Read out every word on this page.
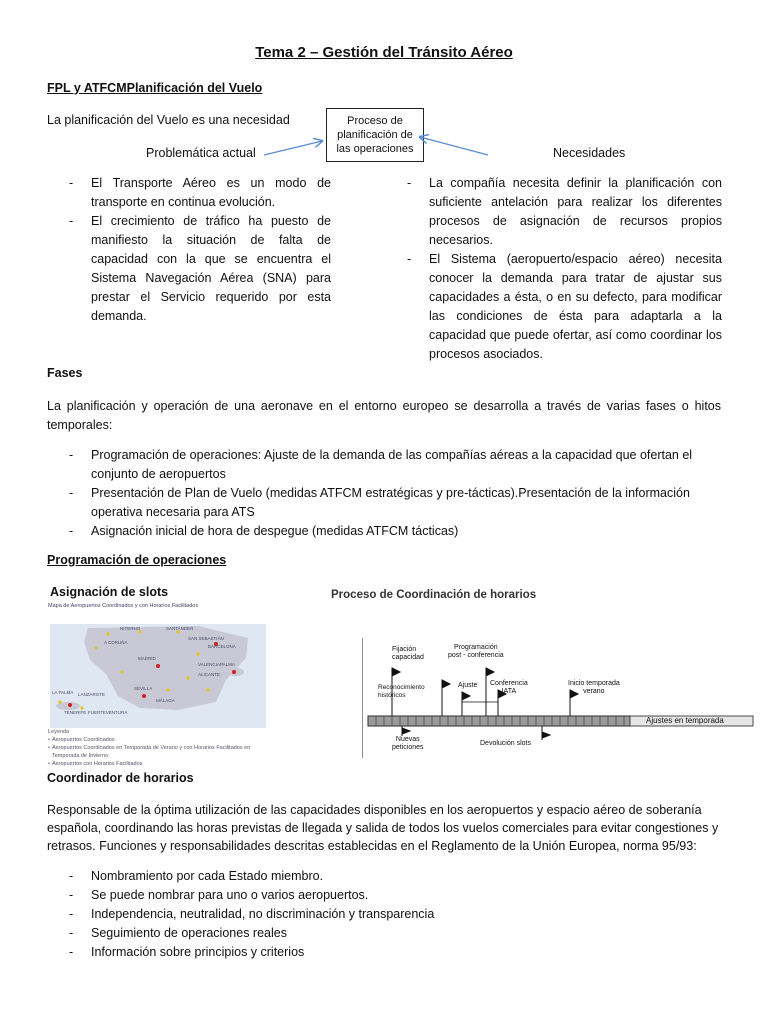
Tema 2 – Gestión del Tránsito Aéreo
FPL y ATFCMPlanificación del Vuelo
La planificación del Vuelo es una necesidad	Proceso de
planificación de
las operaciones
Problemática actual	Necesidades
- El Transporte Aéreo es un modo de transporte en continua evolución.
- El crecimiento de tráfico ha puesto de manifiesto la situación de falta de capacidad con la que se encuentra el Sistema Navegación Aérea (SNA) para prestar el Servicio requerido por esta demanda.
- La compañía necesita definir la planificación con suficiente antelación para realizar los diferentes procesos de asignación de recursos propios necesarios.
- El Sistema (aeropuerto/espacio aéreo) necesita conocer la demanda para tratar de ajustar sus capacidades a ésta, o en su defecto, para modificar las condiciones de ésta para adaptarla a la capacidad que puede ofertar, así como coordinar los procesos asociados.
Fases
La planificación y operación de una aeronave en el entorno europeo se desarrolla a través de varias fases o hitos temporales:
- Programación de operaciones: Ajuste de la demanda de las compañías aéreas a la capacidad que ofertan el conjunto de aeropuertos
- Presentación de Plan de Vuelo (medidas ATFCM estratégicas y pre-tácticas).Presentación de la información operativa necesaria para ATS
- Asignación inicial de hora de despegue (medidas ATFCM tácticas)
Programación de operaciones
Asignación de slots
Mapa de Aeropuertos Coordinados y con Horarios Facilitados
NITERNO	SANTANDER
SAN SEBASTIÁN
A CORUÑA
BARCELONA
MADRID
VALENCIA
ALICANTE
SEVILLA
MÁLAGA
PALMA
LA PALMA LANZAROTE
TENERIFE FUERTEVENTURA
Leyenda
• Aeropuertos Coordinados
• Aeropuertos Coordinados en Temporada de Verano y con Horarios Facilitados en Temporada de Invierno
• Aeropuertos con Horarios Facilitados
Proceso de Coordinación de horarios
Fijación
capacidad
Programación
post - conferencia
Reconocimiento
históricos
Ajuste Conferencia
IATA
Inicio temporada
verano
Ajustes en temporada
Nuevas
peticiones
Devolución slots
Coordinador de horarios
Responsable de la óptima utilización de las capacidades disponibles en los aeropuertos y espacio aéreo de soberanía española, coordinando las horas previstas de llegada y salida de todos los vuelos comerciales para evitar congestiones y retrasos. Funciones y responsabilidades descritas establecidas en el Reglamento de la Unión Europea, norma 95/93:
- Nombramiento por cada Estado miembro.
- Se puede nombrar para uno o varios aeropuertos.
- Independencia, neutralidad, no discriminación y transparencia
- Seguimiento de operaciones reales
- Información sobre principios y criterios
